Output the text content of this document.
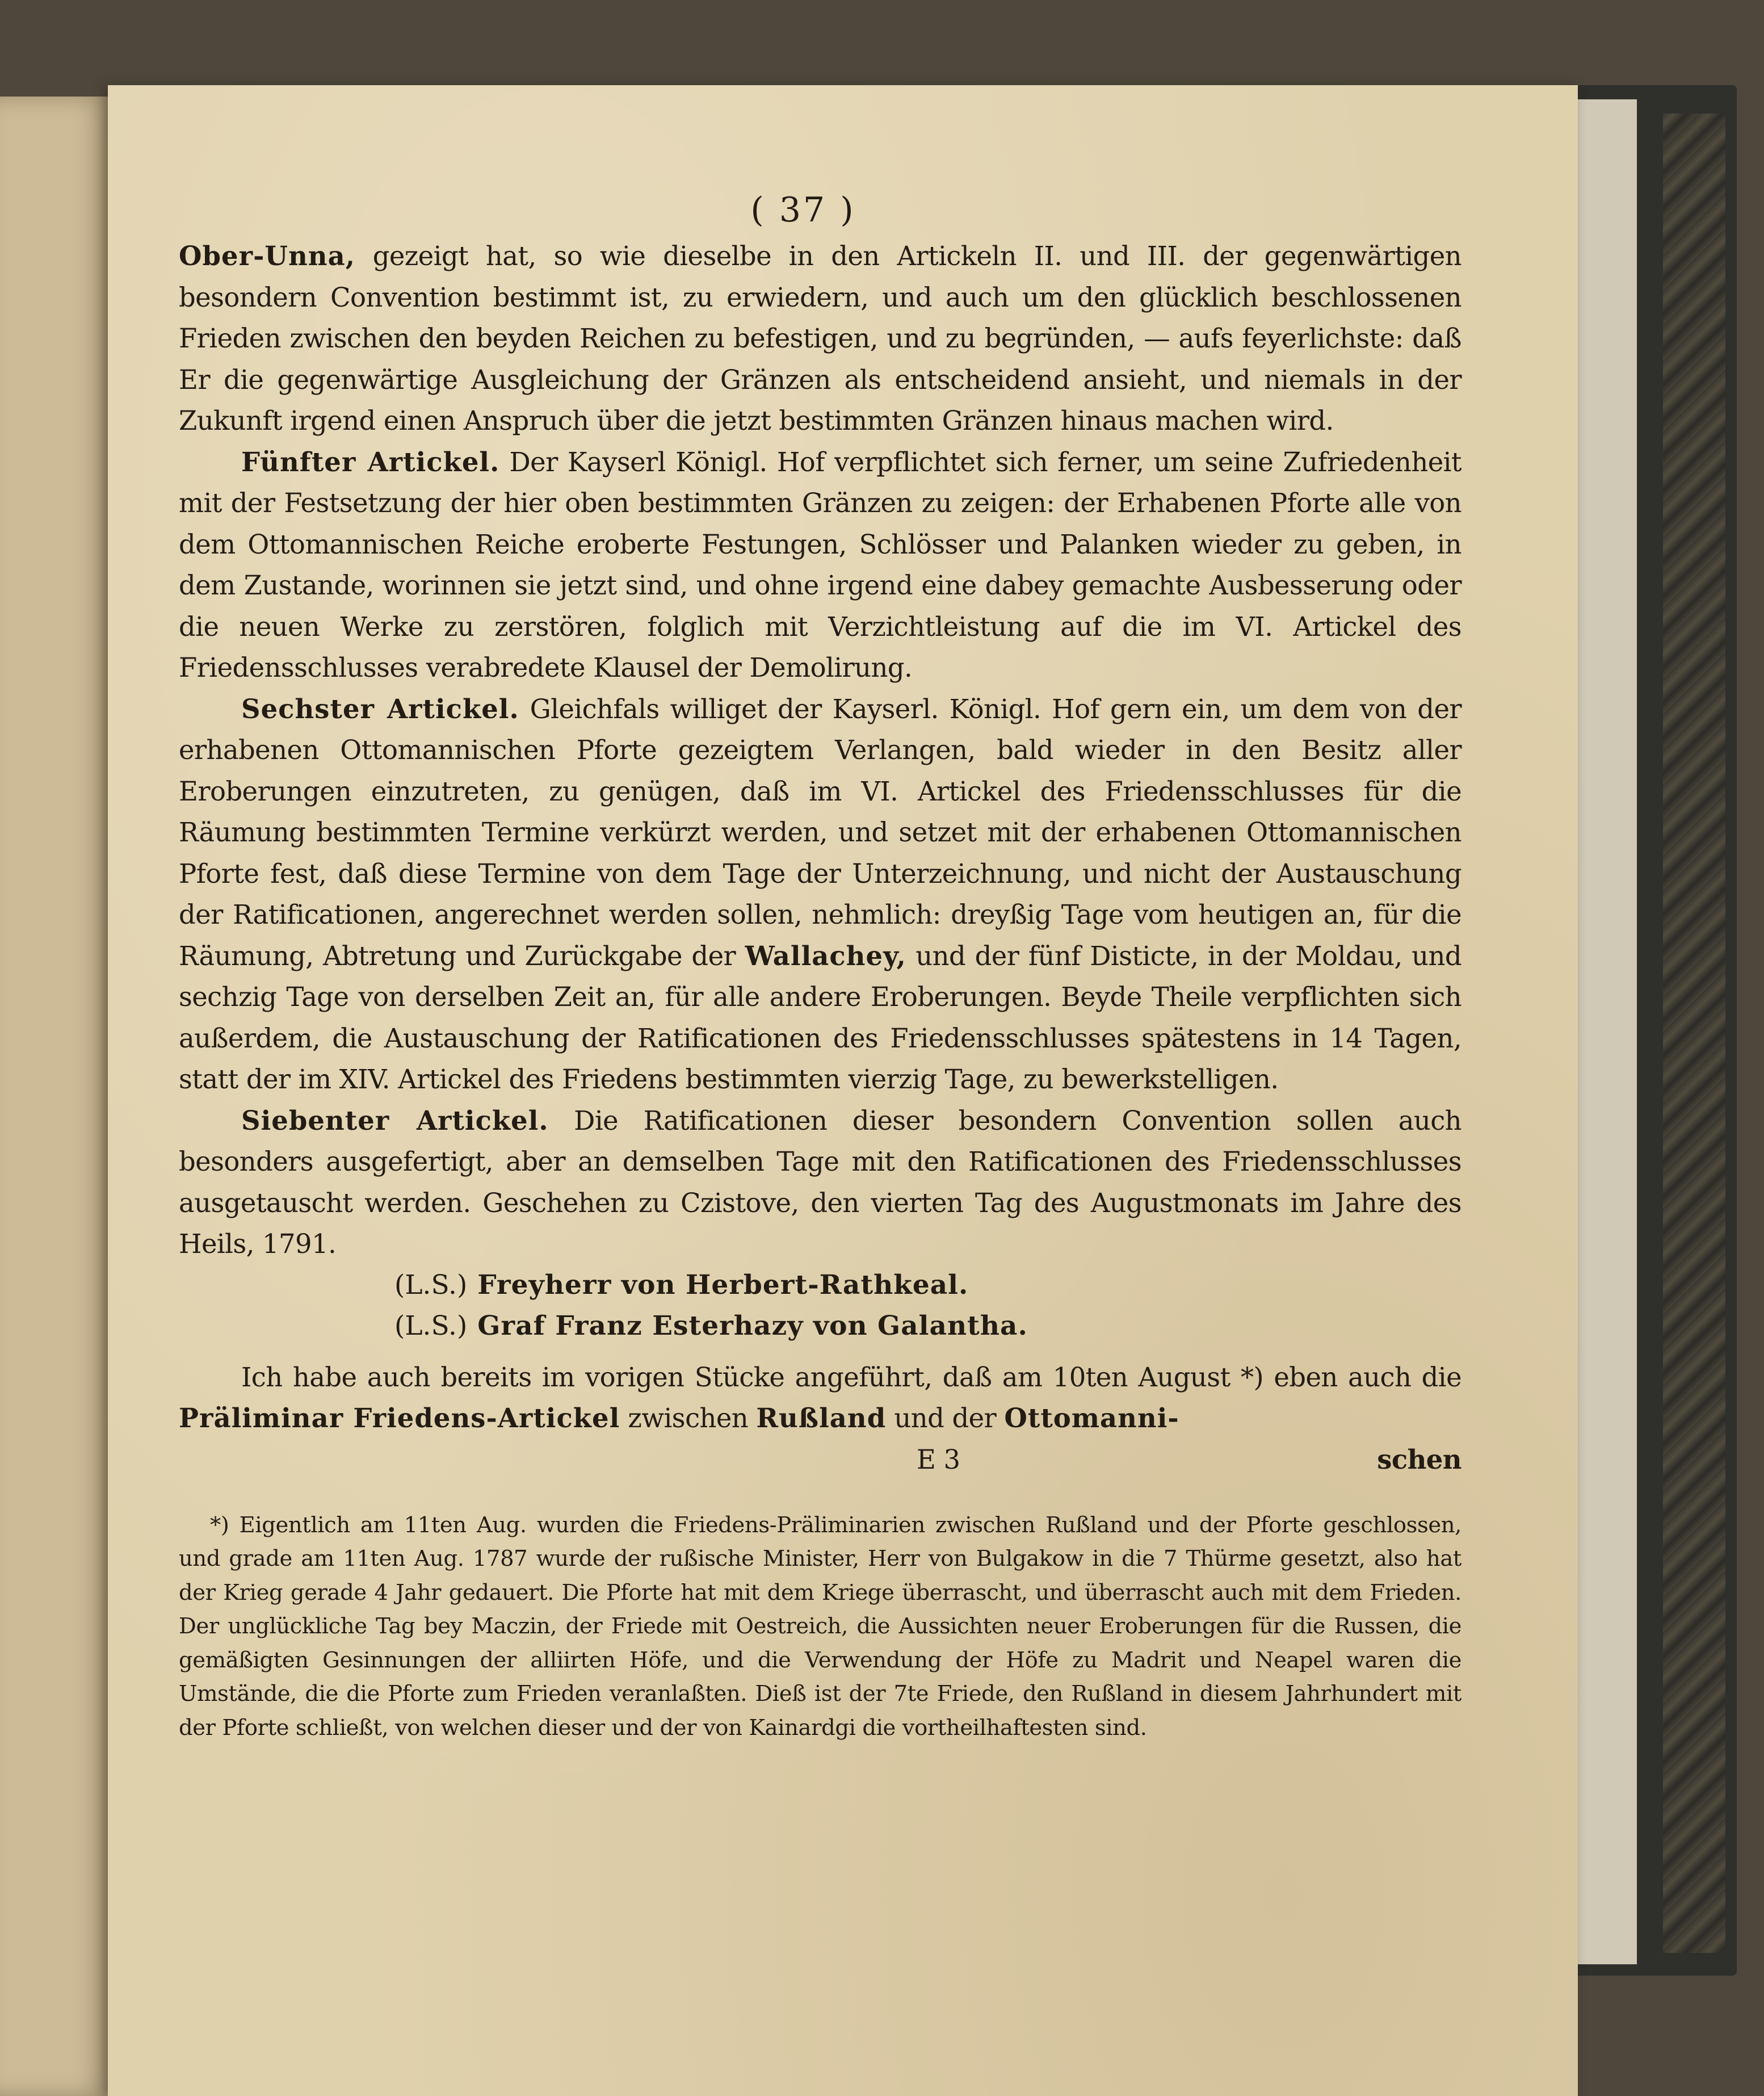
( 37 )

Ober-Unna, gezeigt hat, so wie dieselbe in den Artickeln II. und III. der gegenwärtigen besondern Convention bestimmt ist, zu erwiedern, und auch um den glücklich beschlossenen Frieden zwischen den beyden Reichen zu befestigen, und zu begründen, — aufs feyerlichste: daß Er die gegenwärtige Ausgleichung der Gränzen als entscheidend ansieht, und niemals in der Zukunft irgend einen Anspruch über die jetzt bestimmten Gränzen hinaus machen wird.

Fünfter Artickel. Der Kayserl Königl. Hof verpflichtet sich ferner, um seine Zufriedenheit mit der Festsetzung der hier oben bestimmten Gränzen zu zeigen: der Erhabenen Pforte alle von dem Ottomannischen Reiche eroberte Festungen, Schlösser und Palanken wieder zu geben, in dem Zustande, worinnen sie jetzt sind, und ohne irgend eine dabey gemachte Ausbesserung oder die neuen Werke zu zerstören, folglich mit Verzichtleistung auf die im VI. Artickel des Friedensschlusses verabredete Klausel der Demolirung.

Sechster Artickel. Gleichfals williget der Kayserl. Königl. Hof gern ein, um dem von der erhabenen Ottomannischen Pforte gezeigtem Verlangen, bald wieder in den Besitz aller Eroberungen einzutreten, zu genügen, daß im VI. Artickel des Friedensschlusses für die Räumung bestimmten Termine verkürzt werden, und setzet mit der erhabenen Ottomannischen Pforte fest, daß diese Termine von dem Tage der Unterzeichnung, und nicht der Austauschung der Ratificationen, angerechnet werden sollen, nehmlich: dreyßig Tage vom heutigen an, für die Räumung, Abtretung und Zurückgabe der Wallachey, und der fünf Disticte, in der Moldau, und sechzig Tage von derselben Zeit an, für alle andere Eroberungen. Beyde Theile verpflichten sich außerdem, die Austauschung der Ratificationen des Friedensschlusses spätestens in 14 Tagen, statt der im XIV. Artickel des Friedens bestimmten vierzig Tage, zu bewerkstelligen.

Siebenter Artickel. Die Ratificationen dieser besondern Convention sollen auch besonders ausgefertigt, aber an demselben Tage mit den Ratificationen des Friedensschlusses ausgetauscht werden. Geschehen zu Czistove, den vierten Tag des Augustmonats im Jahre des Heils, 1791.

(L.S.) Freyherr von Herbert-Rathkeal.
(L.S.) Graf Franz Esterhazy von Galantha.

Ich habe auch bereits im vorigen Stücke angeführt, daß am 10ten August *) eben auch die Präliminar Friedens-Artickel zwischen Rußland und der Ottomanni-

E 3	schen
*) Eigentlich am 11ten Aug. wurden die Friedens-Präliminarien zwischen Rußland und der Pforte geschlossen, und grade am 11ten Aug. 1787 wurde der rußische Minister, Herr von Bulgakow in die 7 Thürme gesetzt, also hat der Krieg gerade 4 Jahr gedauert. Die Pforte hat mit dem Kriege überrascht, und überrascht auch mit dem Frieden. Der unglückliche Tag bey Maczin, der Friede mit Oestreich, die Aussichten neuer Eroberungen für die Russen, die gemäßigten Gesinnungen der alliirten Höfe, und die Verwendung der Höfe zu Madrit und Neapel waren die Umstände, die die Pforte zum Frieden veranlaßten. Dieß ist der 7te Friede, den Rußland in diesem Jahrhundert mit der Pforte schließt, von welchen dieser und der von Kainardgi die vortheilhaftesten sind.
